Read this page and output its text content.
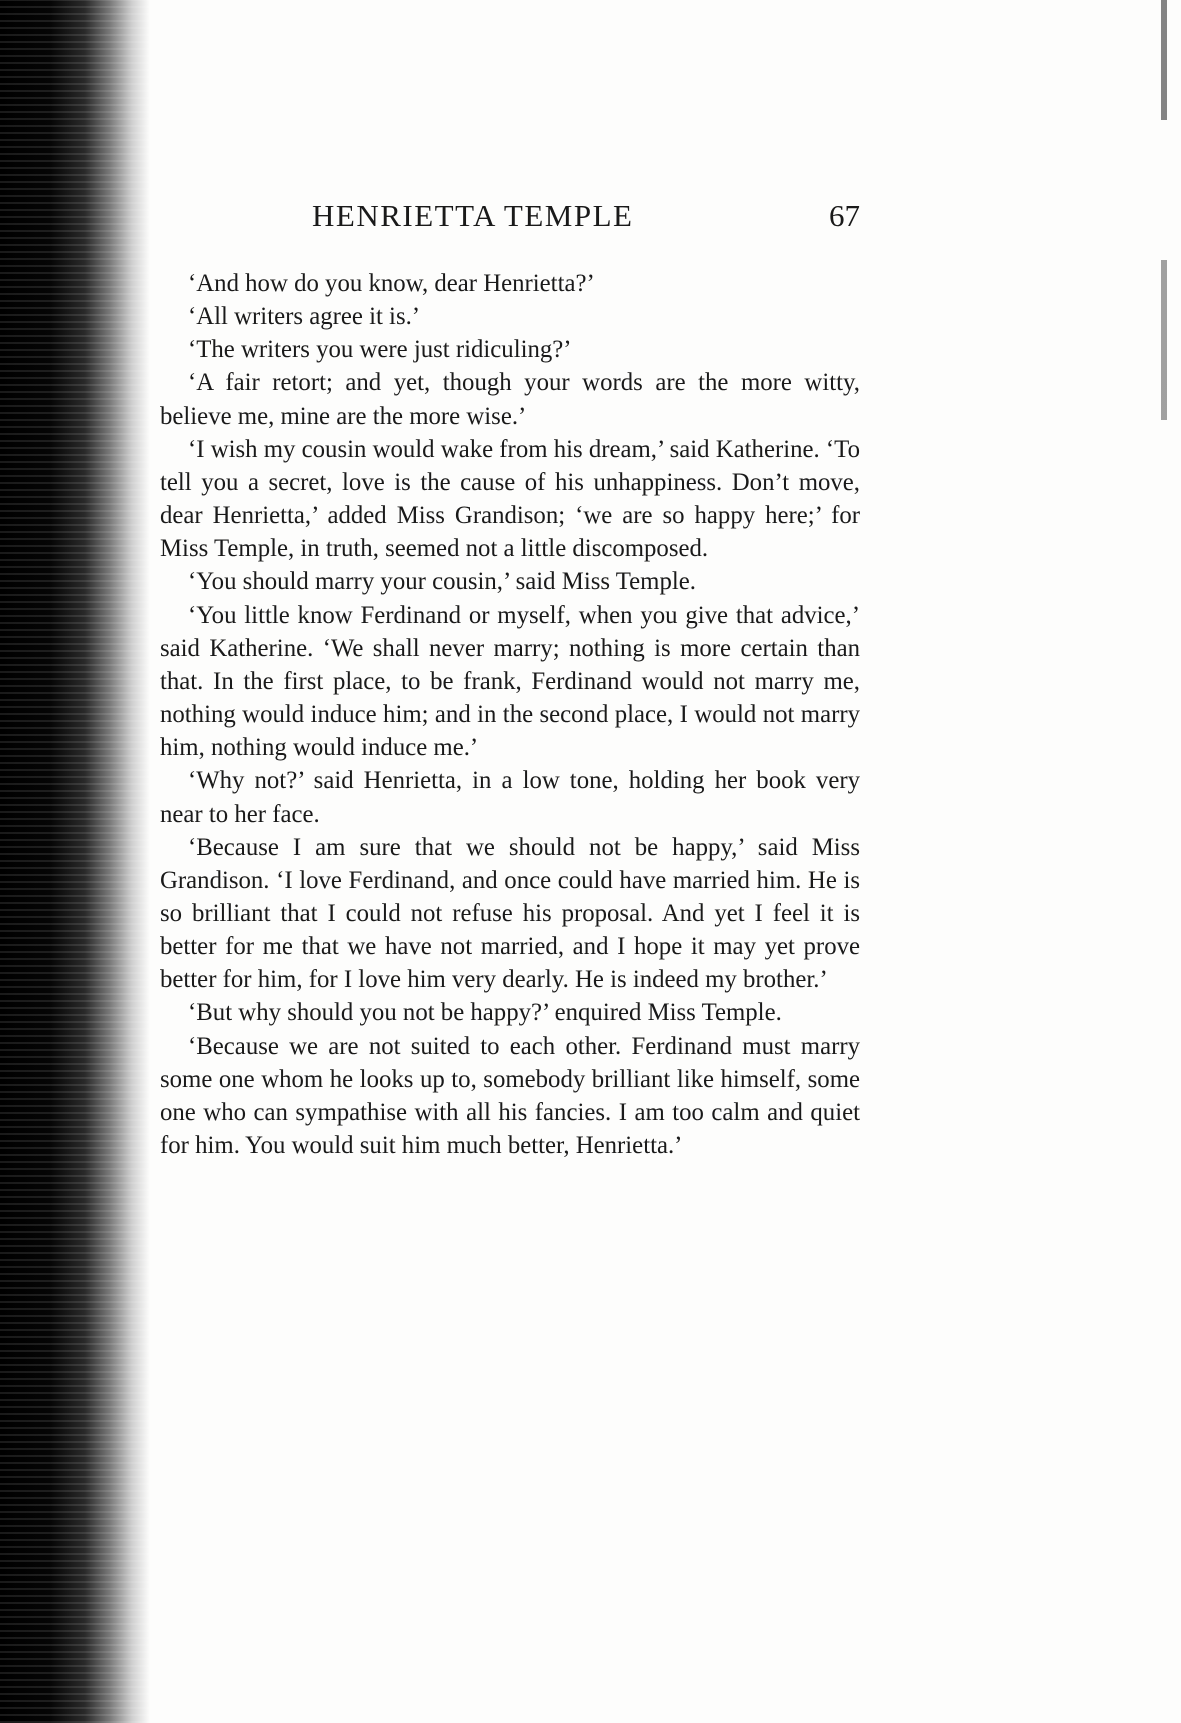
HENRIETTA TEMPLE	67

‘And how do you know, dear Henrietta?’

‘All writers agree it is.’

‘The writers you were just ridiculing?’

‘A fair retort; and yet, though your words are the more witty, believe me, mine are the more wise.’

‘I wish my cousin would wake from his dream,’ said Katherine. ‘To tell you a secret, love is the cause of his unhappiness. Don’t move, dear Henrietta,’ added Miss Grandison; ‘we are so happy here;’ for Miss Temple, in truth, seemed not a little discomposed.

‘You should marry your cousin,’ said Miss Temple.

‘You little know Ferdinand or myself, when you give that advice,’ said Katherine. ‘We shall never marry; nothing is more certain than that. In the first place, to be frank, Ferdinand would not marry me, nothing would induce him; and in the second place, I would not marry him, nothing would induce me.’

‘Why not?’ said Henrietta, in a low tone, holding her book very near to her face.

‘Because I am sure that we should not be happy,’ said Miss Grandison. ‘I love Ferdinand, and once could have married him. He is so brilliant that I could not refuse his proposal. And yet I feel it is better for me that we have not married, and I hope it may yet prove better for him, for I love him very dearly. He is indeed my brother.’

‘But why should you not be happy?’ enquired Miss Temple.

‘Because we are not suited to each other. Ferdinand must marry some one whom he looks up to, somebody brilliant like himself, some one who can sympathise with all his fancies. I am too calm and quiet for him. You would suit him much better, Henrietta.’
